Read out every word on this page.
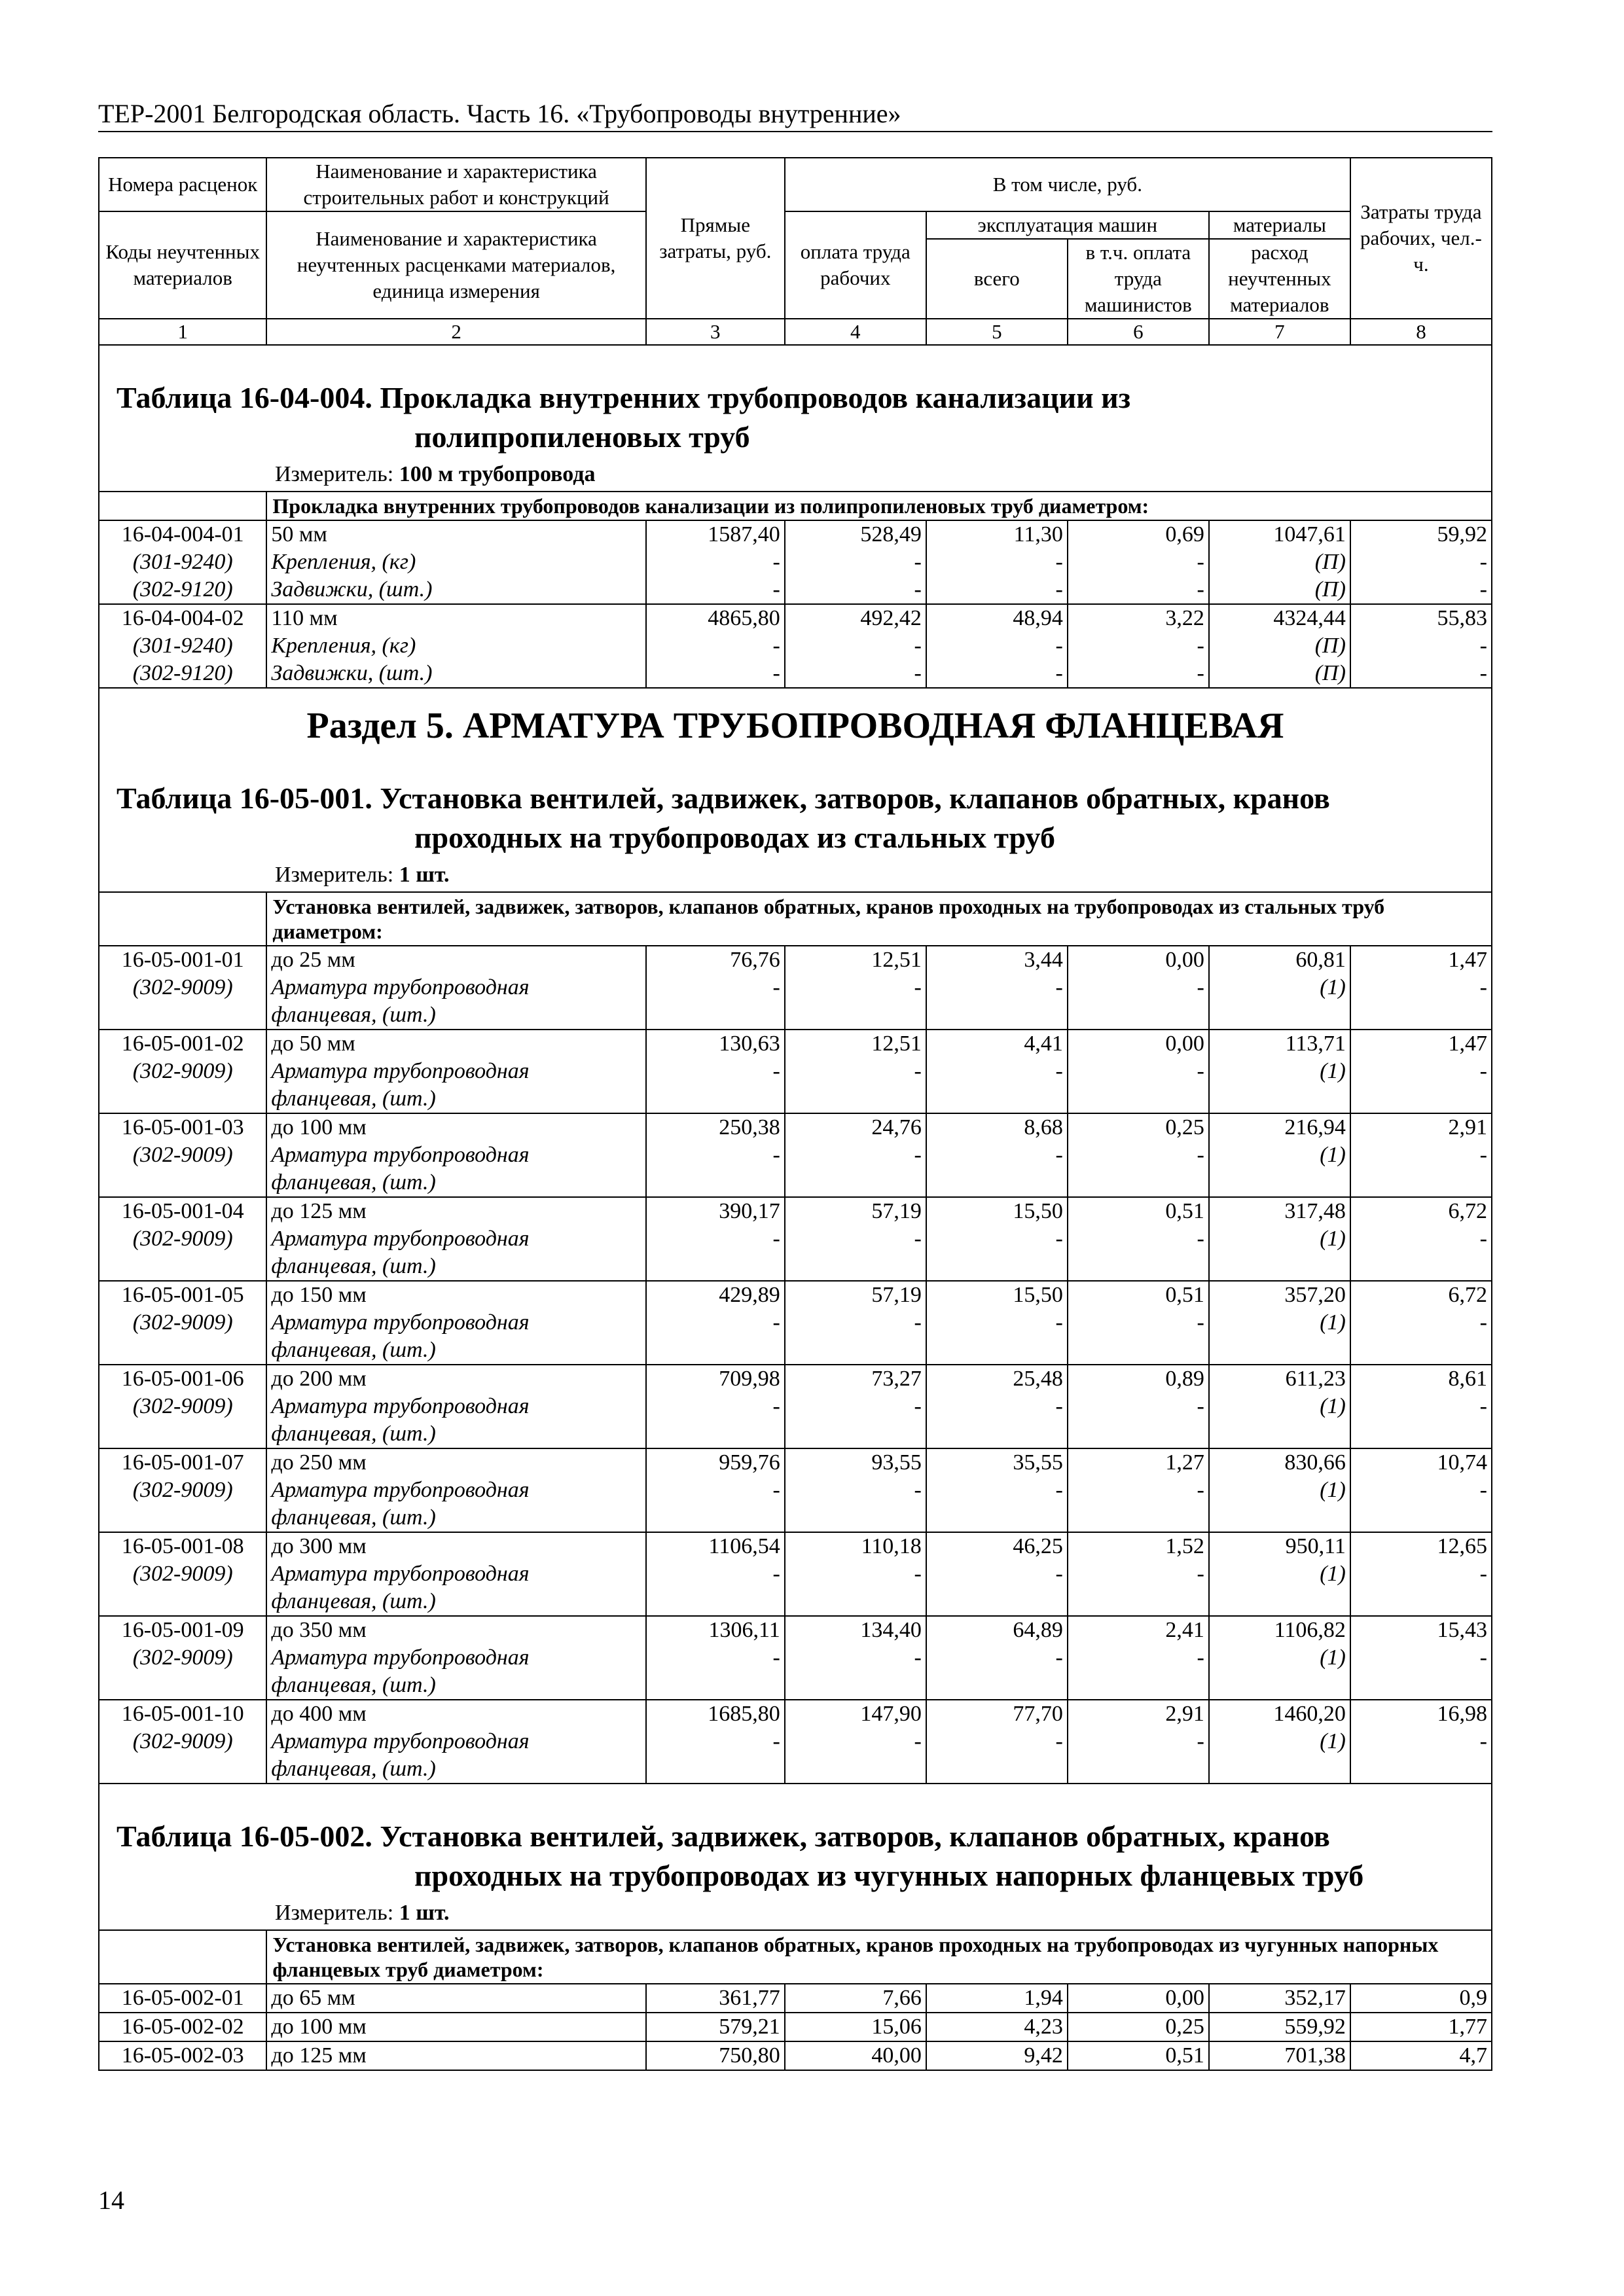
ТЕР-2001 Белгородская область. Часть 16. «Трубопроводы внутренние»
Номера расценок	Наименование и характеристика строительных работ и конструкций	Прямые затраты, руб.	В том числе, руб.				Затраты труда рабочих, чел.-ч.
Коды неучтенных материалов	Наименование и характеристика неучтенных расценками материалов, единица измерения		оплата труда рабочих	эксплуатация машин		материалы	
				всего	в т.ч. оплата труда машинистов	расход неучтенных материалов	
1	2	3	4	5	6	7	8

Таблица 16-04-004. Прокладка внутренних трубопроводов канализации из
полипропиленовых труб
Измеритель: 100 м трубопровода							

	Прокладка внутренних трубопроводов канализации из полипропиленовых труб диаметром:						
16-04-004-01	50 мм	1587,40	528,49	11,30	0,69	1047,61	59,92
(301-9240)	Крепления, (кг)	-	-	-	-	(П)	-
(302-9120)	Задвижки, (шт.)	-	-	-	-	(П)	-
16-04-004-02	110 мм	4865,80	492,42	48,94	3,22	4324,44	55,83
(301-9240)	Крепления, (кг)	-	-	-	-	(П)	-
(302-9120)	Задвижки, (шт.)	-	-	-	-	(П)	-

Раздел 5. АРМАТУРА ТРУБОПРОВОДНАЯ ФЛАНЦЕВАЯ							

Таблица 16-05-001. Установка вентилей, задвижек, затворов, клапанов обратных, кранов
проходных на трубопроводах из стальных труб
Измеритель: 1 шт.							

	Установка вентилей, задвижек, затворов, клапанов обратных, кранов проходных на трубопроводах из стальных труб диаметром:						
16-05-001-01	до 25 мм	76,76	12,51	3,44	0,00	60,81	1,47
(302-9009)	Арматура трубопроводная	-	-	-	-	(1)	-
	фланцевая, (шт.)						
16-05-001-02	до 50 мм	130,63	12,51	4,41	0,00	113,71	1,47
(302-9009)	Арматура трубопроводная	-	-	-	-	(1)	-
	фланцевая, (шт.)						
16-05-001-03	до 100 мм	250,38	24,76	8,68	0,25	216,94	2,91
(302-9009)	Арматура трубопроводная	-	-	-	-	(1)	-
	фланцевая, (шт.)						
16-05-001-04	до 125 мм	390,17	57,19	15,50	0,51	317,48	6,72
(302-9009)	Арматура трубопроводная	-	-	-	-	(1)	-
	фланцевая, (шт.)						
16-05-001-05	до 150 мм	429,89	57,19	15,50	0,51	357,20	6,72
(302-9009)	Арматура трубопроводная	-	-	-	-	(1)	-
	фланцевая, (шт.)						
16-05-001-06	до 200 мм	709,98	73,27	25,48	0,89	611,23	8,61
(302-9009)	Арматура трубопроводная	-	-	-	-	(1)	-
	фланцевая, (шт.)						
16-05-001-07	до 250 мм	959,76	93,55	35,55	1,27	830,66	10,74
(302-9009)	Арматура трубопроводная	-	-	-	-	(1)	-
	фланцевая, (шт.)						
16-05-001-08	до 300 мм	1106,54	110,18	46,25	1,52	950,11	12,65
(302-9009)	Арматура трубопроводная	-	-	-	-	(1)	-
	фланцевая, (шт.)						
16-05-001-09	до 350 мм	1306,11	134,40	64,89	2,41	1106,82	15,43
(302-9009)	Арматура трубопроводная	-	-	-	-	(1)	-
	фланцевая, (шт.)						
16-05-001-10	до 400 мм	1685,80	147,90	77,70	2,91	1460,20	16,98
(302-9009)	Арматура трубопроводная	-	-	-	-	(1)	-
	фланцевая, (шт.)						

Таблица 16-05-002. Установка вентилей, задвижек, затворов, клапанов обратных, кранов
проходных на трубопроводах из чугунных напорных фланцевых труб
Измеритель: 1 шт.							

	Установка вентилей, задвижек, затворов, клапанов обратных, кранов проходных на трубопроводах из чугунных напорных фланцевых труб диаметром:						
16-05-002-01	до 65 мм	361,77	7,66	1,94	0,00	352,17	0,9
16-05-002-02	до 100 мм	579,21	15,06	4,23	0,25	559,92	1,77
16-05-002-03	до 125 мм	750,80	40,00	9,42	0,51	701,38	4,7
14
